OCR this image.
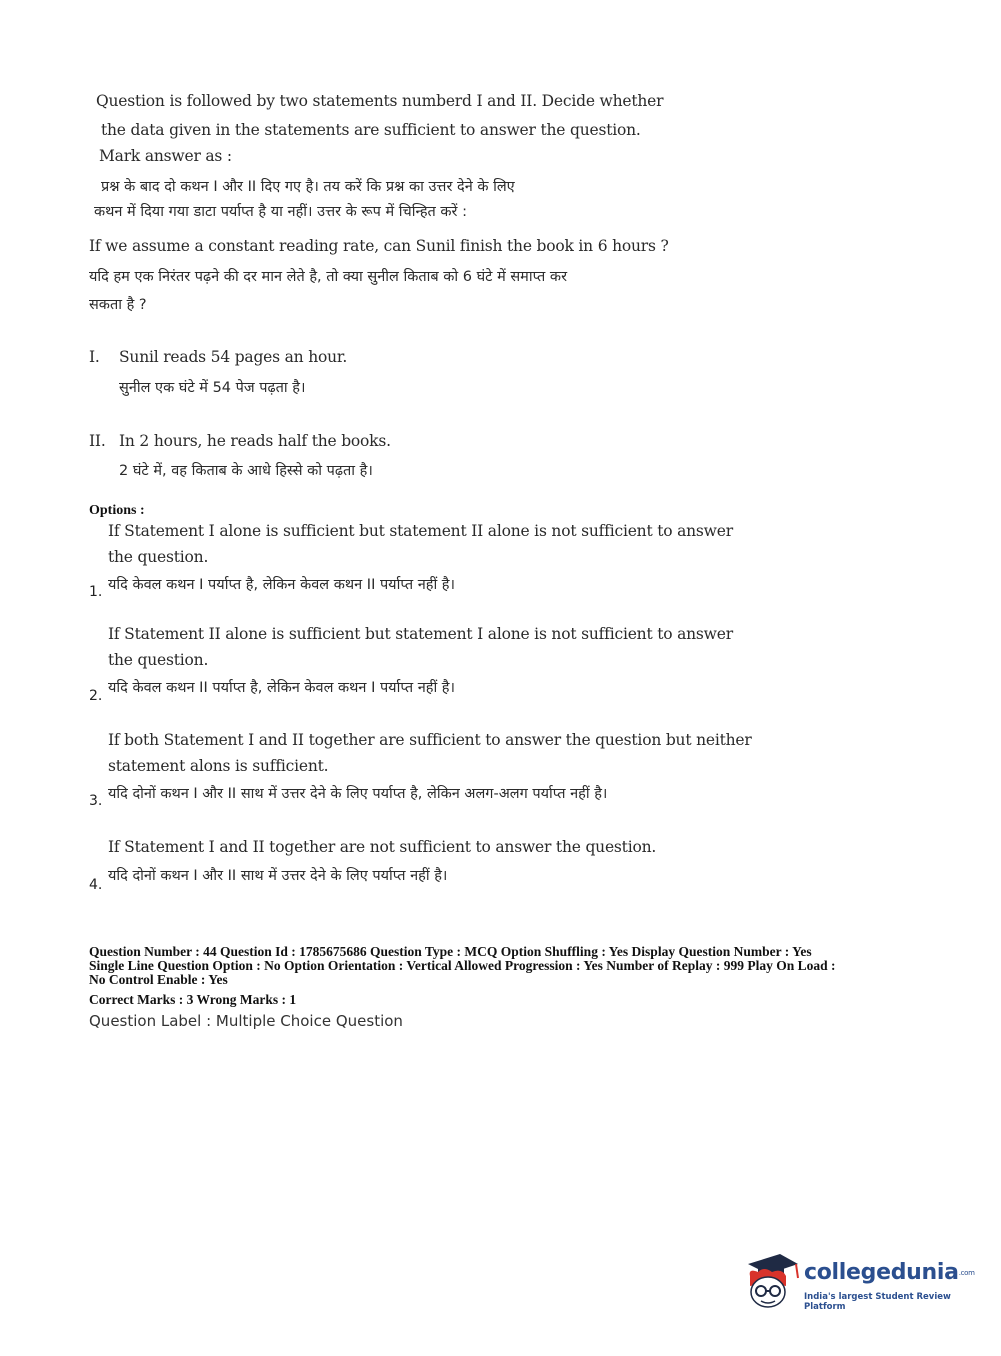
Question is followed by two statements numberd I and II. Decide whether
the data given in the statements are sufficient to answer the question.
Mark answer as :
प्रश्न के बाद दो कथन I और II दिए गए है। तय करें कि प्रश्न का उत्तर देने के लिए
कथन में दिया गया डाटा पर्याप्त है या नहीं। उत्तर के रूप में चिन्हित करें :
If we assume a constant reading rate, can Sunil finish the book in 6 hours ?
यदि हम एक निरंतर पढ़ने की दर मान लेते है, तो क्या सुनील किताब को 6 घंटे में समाप्त कर
सकता है ?
I. Sunil reads 54 pages an hour.
सुनील एक घंटे में 54 पेज पढ़ता है।
II. In 2 hours, he reads half the books.
2 घंटे में, वह किताब के आधे हिस्से को पढ़ता है।
Options :
If Statement I alone is sufficient but statement II alone is not sufficient to answer
the question.
यदि केवल कथन I पर्याप्त है, लेकिन केवल कथन II पर्याप्त नहीं है।
1.
If Statement II alone is sufficient but statement I alone is not sufficient to answer
the question.
यदि केवल कथन II पर्याप्त है, लेकिन केवल कथन I पर्याप्त नहीं है।
2.
If both Statement I and II together are sufficient to answer the question but neither
statement alons is sufficient.
यदि दोनों कथन I और II साथ में उत्तर देने के लिए पर्याप्त है, लेकिन अलग-अलग पर्याप्त नहीं है।
3.
If Statement I and II together are not sufficient to answer the question.
यदि दोनों कथन I और II साथ में उत्तर देने के लिए पर्याप्त नहीं है।
4.
Question Number : 44 Question Id : 1785675686 Question Type : MCQ Option Shuffling : Yes Display Question Number : Yes
Single Line Question Option : No Option Orientation : Vertical Allowed Progression : Yes Number of Replay : 999 Play On Load :
No Control Enable : Yes
Correct Marks : 3 Wrong Marks : 1
Question Label : Multiple Choice Question
collegedunia.com
India's largest Student Review Platform
